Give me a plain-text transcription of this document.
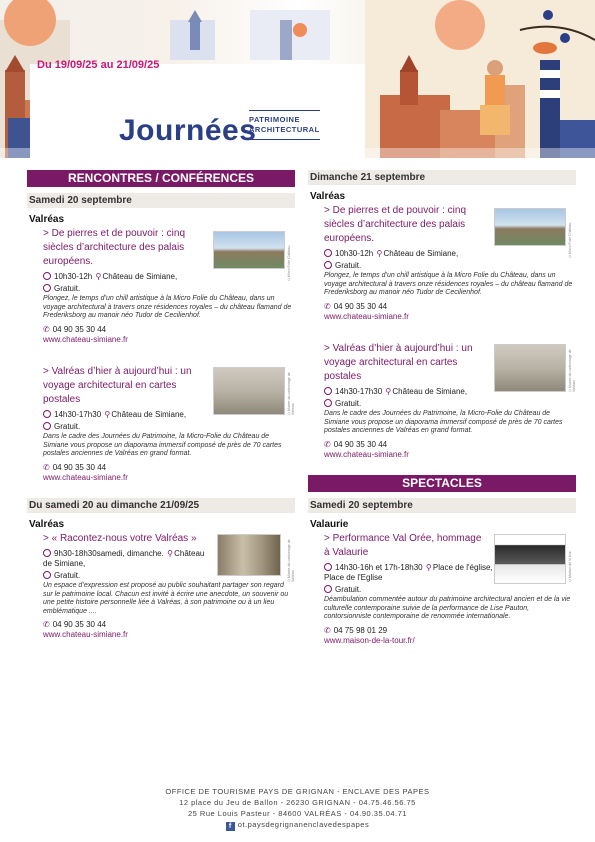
Du 19/09/25 au 21/09/25
Journées
PATRIMOINE
ARCHITECTURAL
RENCONTRES / CONFÉRENCES
Samedi 20 septembre
Valréas
> De pierres et de pouvoir : cinq siècles d’architecture des palais européens.	©Micro Folie Château
10h30-12h ⚲Château de Simiane,
Gratuit.
Plongez, le temps d’un chill artistique à la Micro Folie du Château, dans un voyage architectural à travers onze résidences royales – du château flamand de Frederiksborg au manoir néo Tudor de Cecilienhof.
✆ 04 90 35 30 44
www.chateau-simiane.fr
> Valréas d’hier à aujourd’hui : un voyage architectural en cartes postales	©Musée du cartonnage de Valréas
14h30-17h30 ⚲Château de Simiane,
Gratuit.
Dans le cadre des Journées du Patrimoine, la Micro-Folie du Château de Simiane vous propose un diaporama immersif composé de près de 70 cartes postales anciennes de Valréas en grand format.
✆ 04 90 35 30 44
www.chateau-simiane.fr
Du samedi 20 au dimanche 21/09/25
Valréas
> « Racontez-nous votre Valréas »
©Musée du cartonnage de Valréas
9h30-18h30samedi, dimanche. ⚲Château de Simiane,
Gratuit.
Un espace d’expression est proposé au public souhaitant partager son regard sur le patrimoine local. Chacun est invité à écrire une anecdote, un souvenir ou une petite histoire personnelle liée à Valréas, à son patrimoine ou à un lieu emblématique ....
✆ 04 90 35 30 44
www.chateau-simiane.fr
Dimanche 21 septembre
Valréas
> De pierres et de pouvoir : cinq siècles d’architecture des palais européens.	©Micro Folie Château
10h30-12h ⚲Château de Simiane,
Gratuit.
Plongez, le temps d’un chill artistique à la Micro Folie du Château, dans un voyage architectural à travers onze résidences royales – du château flamand de Frederiksborg au manoir néo Tudor de Cecilienhof.
✆ 04 90 35 30 44
www.chateau-simiane.fr
> Valréas d’hier à aujourd’hui : un voyage architectural en cartes postales	©Musée du cartonnage de Valréas
14h30-17h30 ⚲Château de Simiane,
Gratuit.
Dans le cadre des Journées du Patrimoine, la Micro-Folie du Château de Simiane vous propose un diaporama immersif composé de près de 70 cartes postales anciennes de Valréas en grand format.
✆ 04 90 35 30 44
www.chateau-simiane.fr
SPECTACLES
Samedi 20 septembre
Valaurie
> Performance Val Orée, hommage à Valaurie	©Maison de la tour
14h30-16h et 17h-18h30 ⚲Place de l'église, Place de l'Eglise
Gratuit.
Déambulation commentée autour du patrimoine architectural ancien et de la vie culturelle contemporaine suivie de la performance de Lise Pauton, contorsionniste contemporaine de renommée internationale.
✆ 04 75 98 01 29
www.maison-de-la-tour.fr/
OFFICE DE TOURISME PAYS DE GRIGNAN - ENCLAVE DES PAPES
12 place du Jeu de Ballon - 26230 GRIGNAN - 04.75.46.56.75
25 Rue Louis Pasteur - 84600 VALRÉAS - 04.90.35.04.71
f ot.paysdegrignanenclavedespapes
